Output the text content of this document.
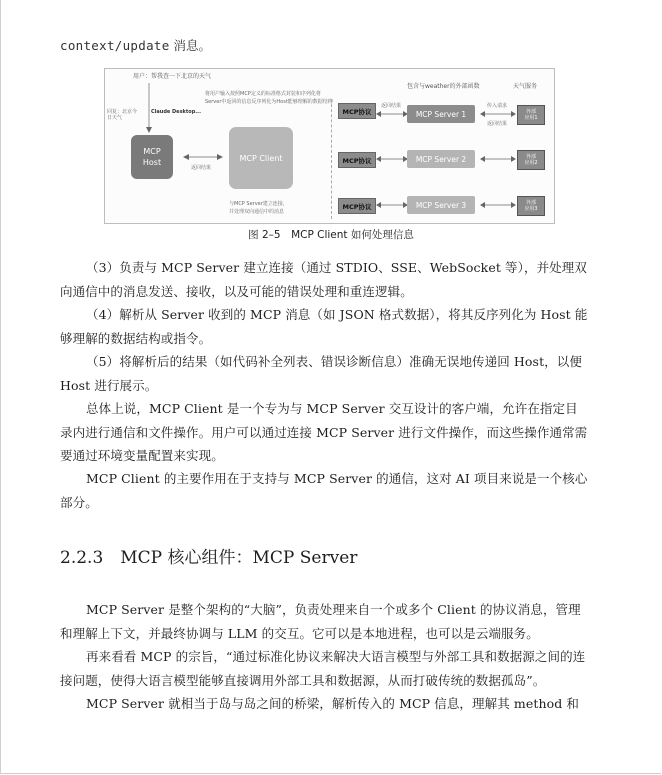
context/update 消息。
用户：帮我查一下北京的天气
回复：北京今日天气
Claude Desktop...
将用户输入按照MCP定义的标准格式封装和序列化将
Server中返回的信息反序列化为Host能够理解的数据结构
包含与weather的外部函数	天气服务
MCP
Host
返回结果
MCP Client
与MCP Server建立连接，
并处理双向通信中的消息
MCP协议
MCP协议
MCP协议
返回结果
MCP Server 1
MCP Server 2
MCP Server 3
传入请求
返回结果
外部
应用1
外部
应用2
外部
应用3
图 2–5　MCP Client 如何处理信息
（3）负责与 MCP Server 建立连接（通过 STDIO、SSE、WebSocket 等），并处理双向通信中的消息发送、接收，以及可能的错误处理和重连逻辑。
（4）解析从 Server 收到的 MCP 消息（如 JSON 格式数据），将其反序列化为 Host 能够理解的数据结构或指令。
（5）将解析后的结果（如代码补全列表、错误诊断信息）准确无误地传递回 Host，以便 Host 进行展示。
总体上说，MCP Client 是一个专为与 MCP Server 交互设计的客户端，允许在指定目录内进行通信和文件操作。用户可以通过连接 MCP Server 进行文件操作，而这些操作通常需要通过环境变量配置来实现。
MCP Client 的主要作用在于支持与 MCP Server 的通信，这对 AI 项目来说是一个核心部分。
2.2.3　MCP 核心组件：MCP Server
MCP Server 是整个架构的“大脑”，负责处理来自一个或多个 Client 的协议消息，管理和理解上下文，并最终协调与 LLM 的交互。它可以是本地进程，也可以是云端服务。
再来看看 MCP 的宗旨，“通过标准化协议来解决大语言模型与外部工具和数据源之间的连接问题，使得大语言模型能够直接调用外部工具和数据源，从而打破传统的数据孤岛”。
MCP Server 就相当于岛与岛之间的桥梁，解析传入的 MCP 信息，理解其 method 和
